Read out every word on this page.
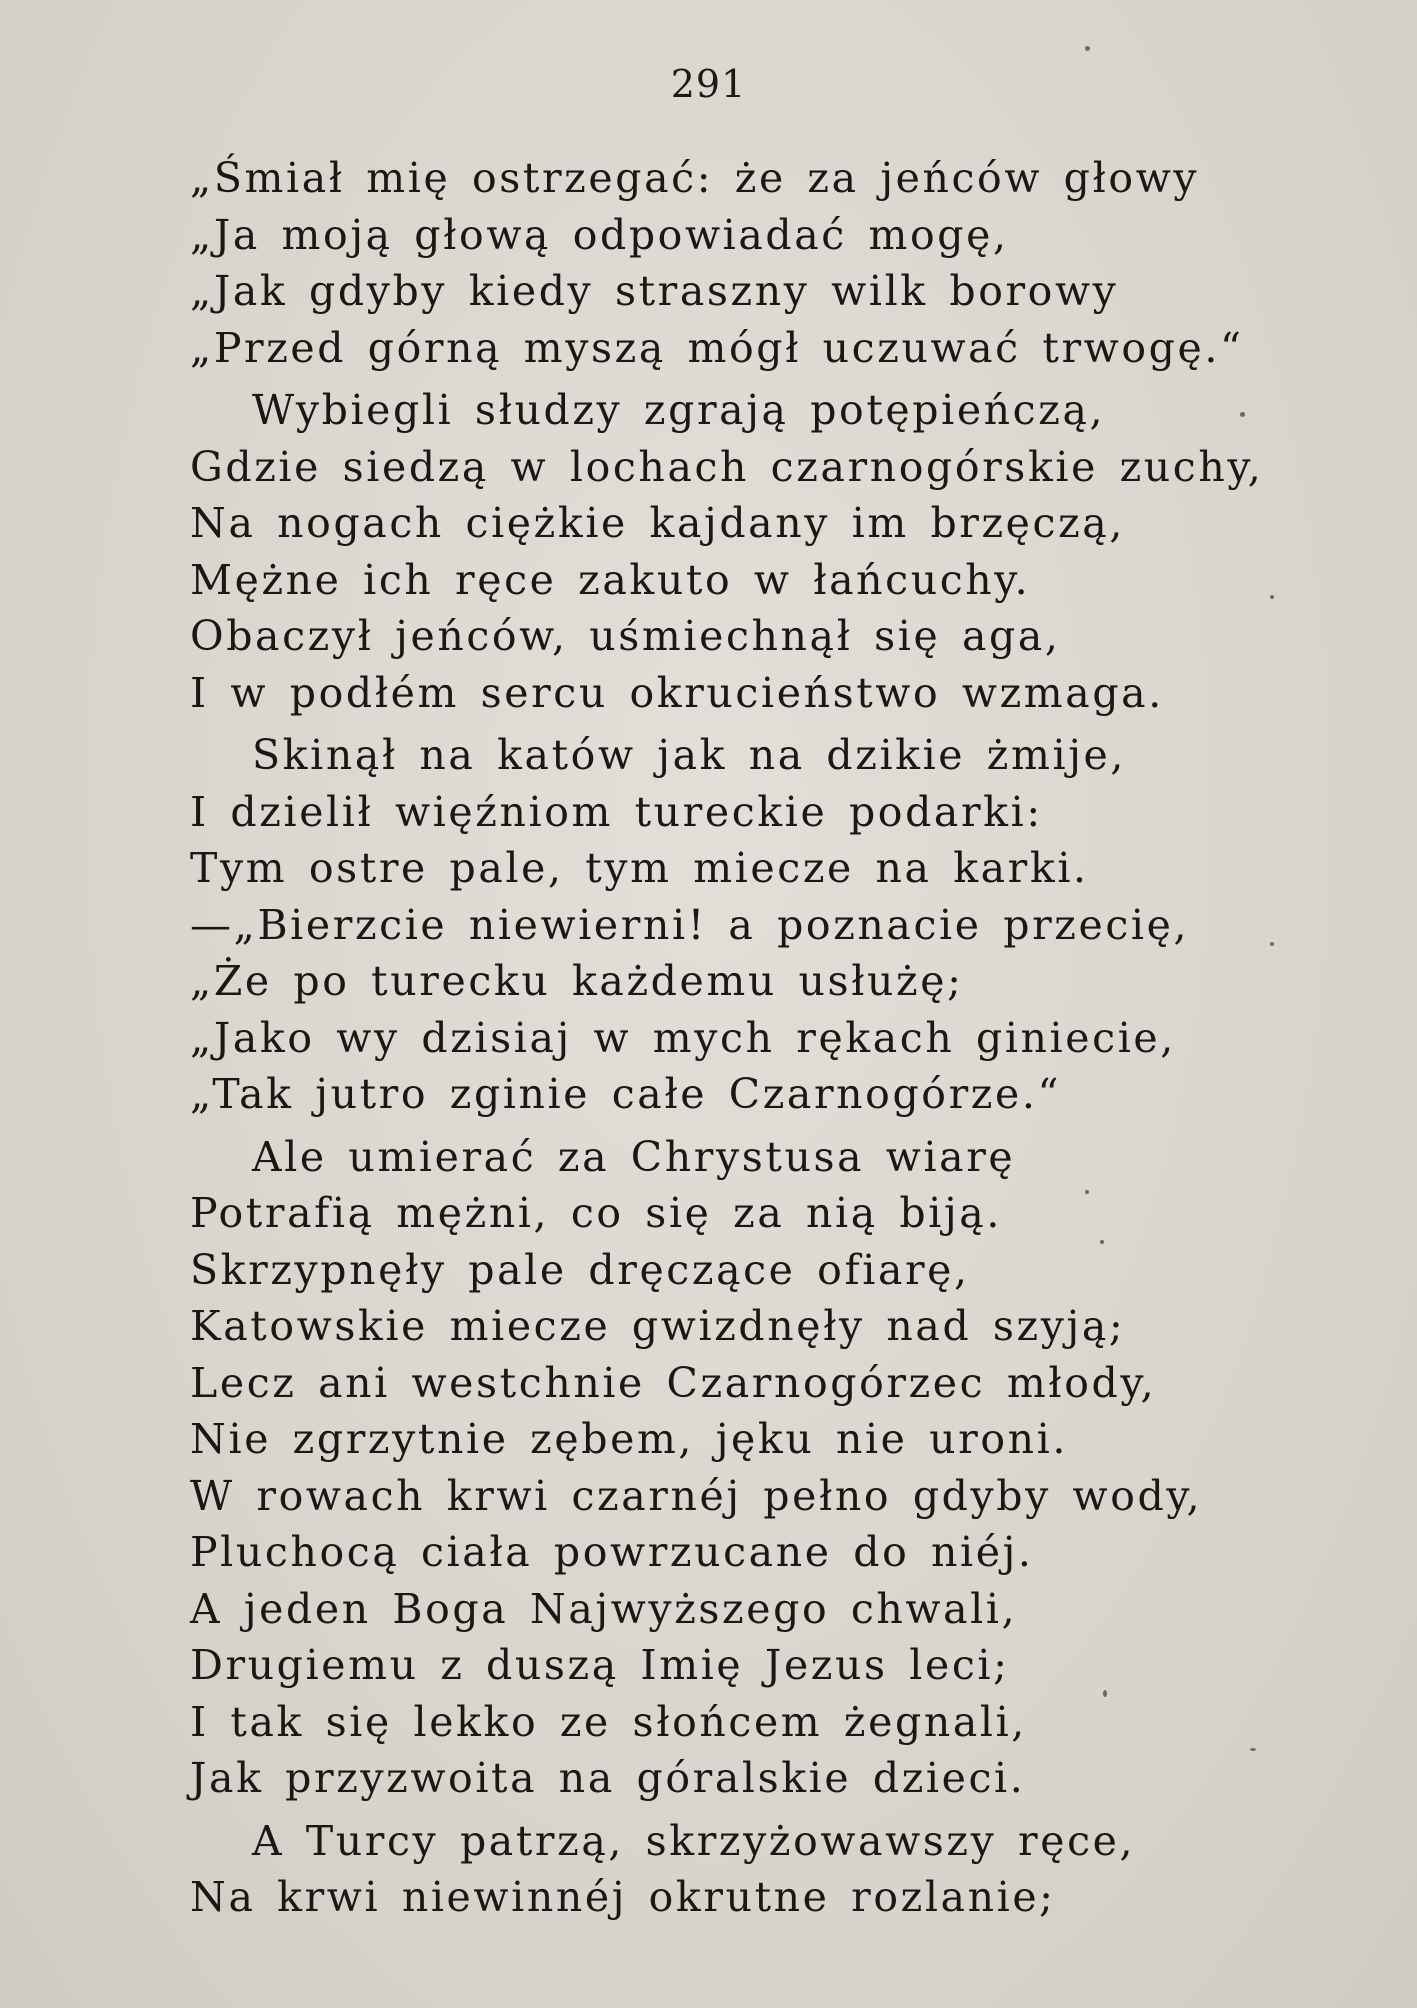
291
„Śmiał mię ostrzegać: że za jeńców głowy
„Ja moją głową odpowiadać mogę,
„Jak gdyby kiedy straszny wilk borowy
„Przed górną myszą mógł uczuwać trwogę.“
Wybiegli słudzy zgrają potępieńczą,
Gdzie siedzą w lochach czarnogórskie zuchy,
Na nogach ciężkie kajdany im brzęczą,
Mężne ich ręce zakuto w łańcuchy.
Obaczył jeńców, uśmiechnął się aga,
I w podłém sercu okrucieństwo wzmaga.
Skinął na katów jak na dzikie żmije,
I dzielił więźniom tureckie podarki:
Tym ostre pale, tym miecze na karki.
—„Bierzcie niewierni! a poznacie przecię,
„Że po turecku każdemu usłużę;
„Jako wy dzisiaj w mych rękach giniecie,
„Tak jutro zginie całe Czarnogórze.“
Ale umierać za Chrystusa wiarę
Potrafią mężni, co się za nią biją.
Skrzypnęły pale dręczące ofiarę,
Katowskie miecze gwizdnęły nad szyją;
Lecz ani westchnie Czarnogórzec młody,
Nie zgrzytnie zębem, jęku nie uroni.
W rowach krwi czarnéj pełno gdyby wody,
Pluchocą ciała powrzucane do niéj.
A jeden Boga Najwyższego chwali,
Drugiemu z duszą Imię Jezus leci;
I tak się lekko ze słońcem żegnali,
Jak przyzwoita na góralskie dzieci.
A Turcy patrzą, skrzyżowawszy ręce,
Na krwi niewinnéj okrutne rozlanie;
